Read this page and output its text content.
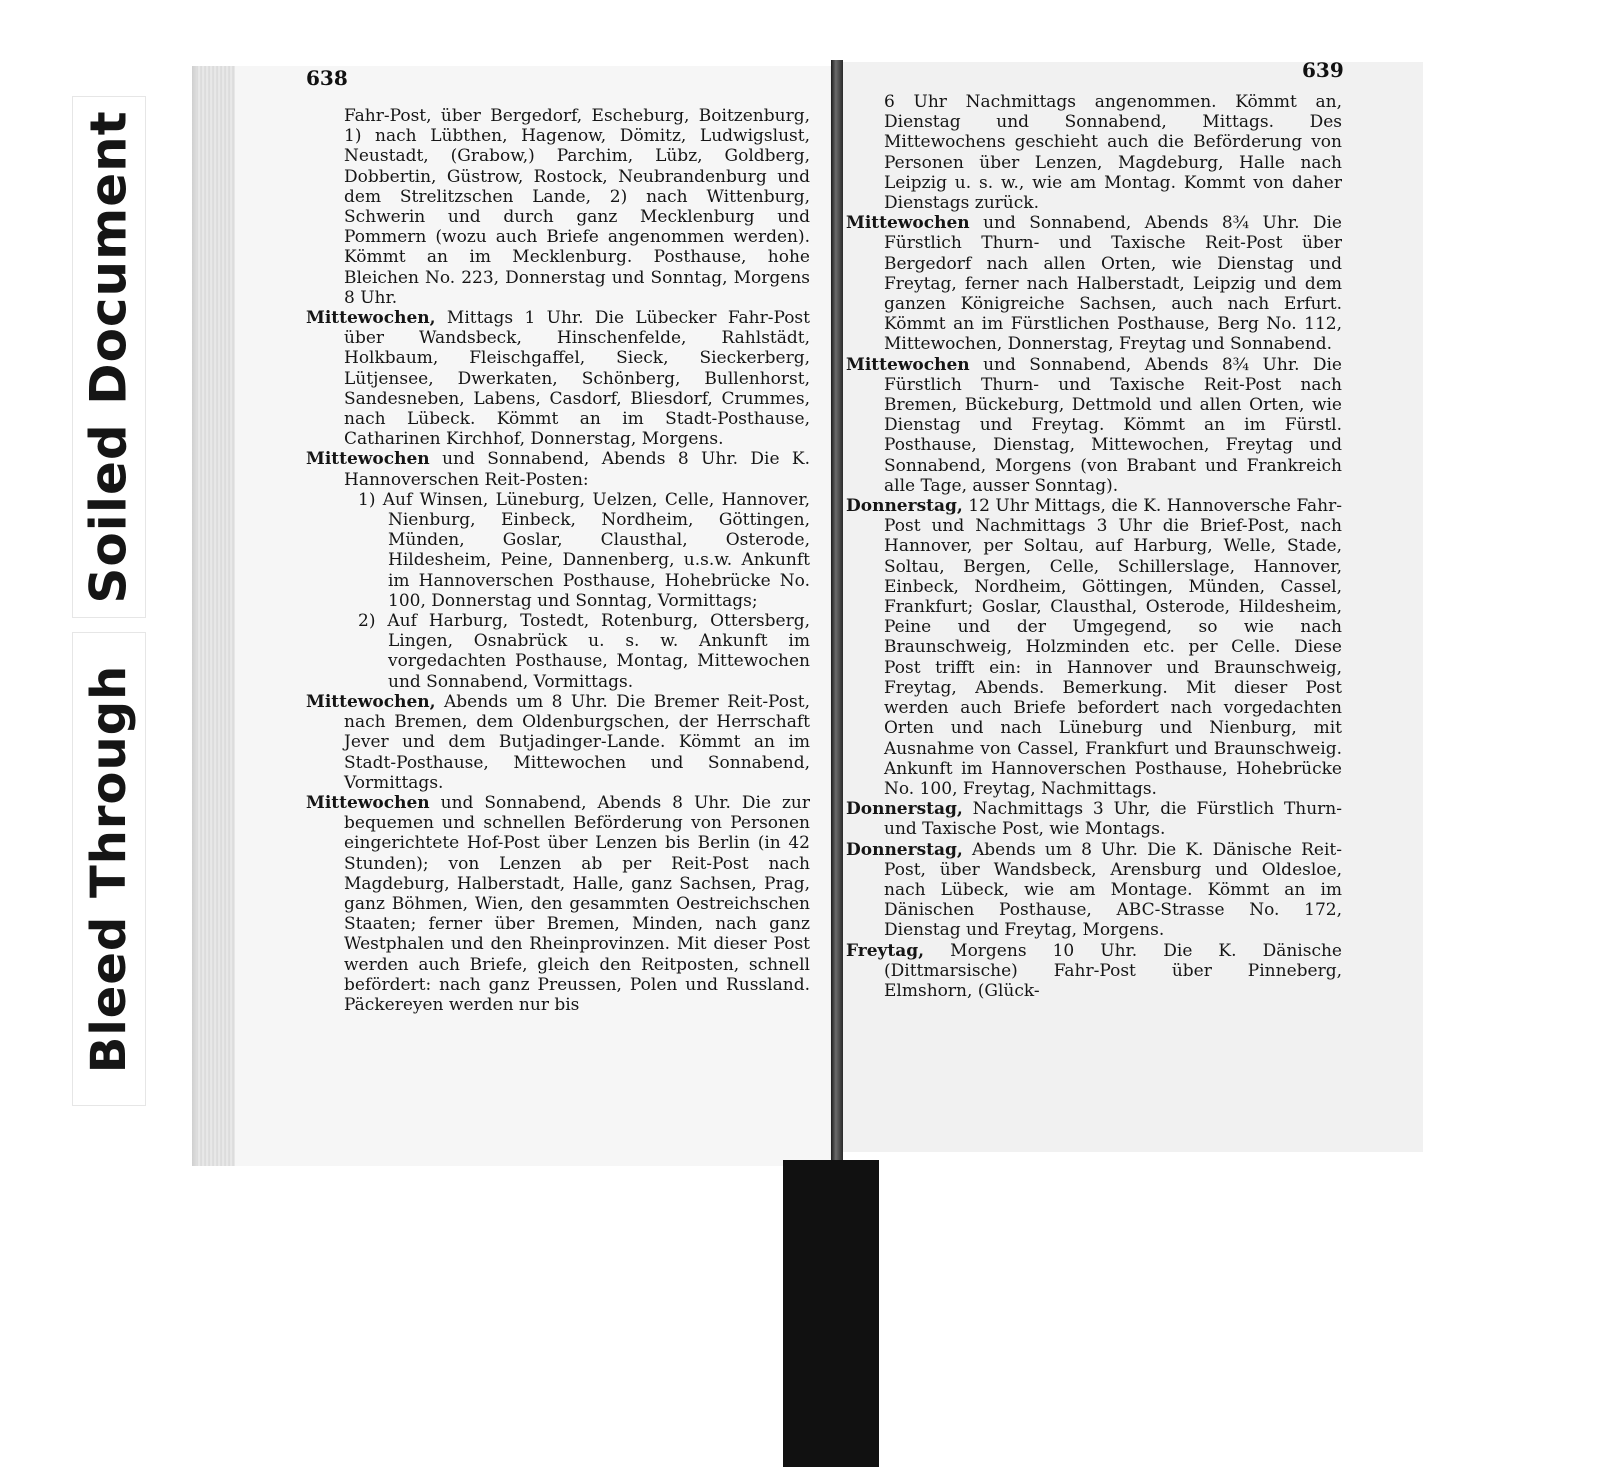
Soiled Document
Bleed Through
638	639

Fahr-Post, über Bergedorf, Escheburg, Boitzenburg, 1) nach Lübthen, Hagenow, Dömitz, Ludwigslust, Neustadt, (Grabow,) Parchim, Lübz, Goldberg, Dobbertin, Güstrow, Rostock, Neubrandenburg und dem Strelitzschen Lande, 2) nach Wittenburg, Schwerin und durch ganz Mecklenburg und Pommern (wozu auch Briefe angenommen werden). Kömmt an im Mecklenburg. Posthause, hohe Bleichen No. 223, Donnerstag und Sonntag, Morgens 8 Uhr.

Mittewochen, Mittags 1 Uhr. Die Lübecker Fahr-Post über Wandsbeck, Hinschenfelde, Rahlstädt, Holkbaum, Fleischgaffel, Sieck, Sieckerberg, Lütjensee, Dwerkaten, Schönberg, Bullenhorst, Sandesneben, Labens, Casdorf, Bliesdorf, Crummes, nach Lübeck. Kömmt an im Stadt-Posthause, Catharinen Kirchhof, Donnerstag, Morgens.

Mittewochen und Sonnabend, Abends 8 Uhr. Die K. Hannoverschen Reit-Posten:

1) Auf Winsen, Lüneburg, Uelzen, Celle, Hannover, Nienburg, Einbeck, Nordheim, Göttingen, Münden, Goslar, Clausthal, Osterode, Hildesheim, Peine, Dannenberg, u.s.w. Ankunft im Hannoverschen Posthause, Hohebrücke No. 100, Donnerstag und Sonntag, Vormittags;

2) Auf Harburg, Tostedt, Rotenburg, Ottersberg, Lingen, Osnabrück u. s. w. Ankunft im vorgedachten Posthause, Montag, Mittewochen und Sonnabend, Vormittags.

Mittewochen, Abends um 8 Uhr. Die Bremer Reit-Post, nach Bremen, dem Oldenburgschen, der Herrschaft Jever und dem Butjadinger-Lande. Kömmt an im Stadt-Posthause, Mittewochen und Sonnabend, Vormittags.

Mittewochen und Sonnabend, Abends 8 Uhr. Die zur bequemen und schnellen Beförderung von Personen eingerichtete Hof-Post über Lenzen bis Berlin (in 42 Stunden); von Lenzen ab per Reit-Post nach Magdeburg, Halberstadt, Halle, ganz Sachsen, Prag, ganz Böhmen, Wien, den gesammten Oestreichschen Staaten; ferner über Bremen, Minden, nach ganz Westphalen und den Rheinprovinzen. Mit dieser Post werden auch Briefe, gleich den Reitposten, schnell befördert: nach ganz Preussen, Polen und Russland. Päckereyen werden nur bis

6 Uhr Nachmittags angenommen. Kömmt an, Dienstag und Sonnabend, Mittags. Des Mittewochens geschieht auch die Beförderung von Personen über Lenzen, Magdeburg, Halle nach Leipzig u. s. w., wie am Montag. Kommt von daher Dienstags zurück.

Mittewochen und Sonnabend, Abends 8¾ Uhr. Die Fürstlich Thurn- und Taxische Reit-Post über Bergedorf nach allen Orten, wie Dienstag und Freytag, ferner nach Halberstadt, Leipzig und dem ganzen Königreiche Sachsen, auch nach Erfurt. Kömmt an im Fürstlichen Posthause, Berg No. 112, Mittewochen, Donnerstag, Freytag und Sonnabend.

Mittewochen und Sonnabend, Abends 8¾ Uhr. Die Fürstlich Thurn- und Taxische Reit-Post nach Bremen, Bückeburg, Dettmold und allen Orten, wie Dienstag und Freytag. Kömmt an im Fürstl. Posthause, Dienstag, Mittewochen, Freytag und Sonnabend, Morgens (von Brabant und Frankreich alle Tage, ausser Sonntag).

Donnerstag, 12 Uhr Mittags, die K. Hannoversche Fahr-Post und Nachmittags 3 Uhr die Brief-Post, nach Hannover, per Soltau, auf Harburg, Welle, Stade, Soltau, Bergen, Celle, Schillerslage, Hannover, Einbeck, Nordheim, Göttingen, Münden, Cassel, Frankfurt; Goslar, Clausthal, Osterode, Hildesheim, Peine und der Umgegend, so wie nach Braunschweig, Holzminden etc. per Celle. Diese Post trifft ein: in Hannover und Braunschweig, Freytag, Abends. Bemerkung. Mit dieser Post werden auch Briefe befordert nach vorgedachten Orten und nach Lüneburg und Nienburg, mit Ausnahme von Cassel, Frankfurt und Braunschweig. Ankunft im Hannoverschen Posthause, Hohebrücke No. 100, Freytag, Nachmittags.

Donnerstag, Nachmittags 3 Uhr, die Fürstlich Thurn- und Taxische Post, wie Montags.

Donnerstag, Abends um 8 Uhr. Die K. Dänische Reit-Post, über Wandsbeck, Arensburg und Oldesloe, nach Lübeck, wie am Montage. Kömmt an im Dänischen Posthause, ABC-Strasse No. 172, Dienstag und Freytag, Morgens.

Freytag, Morgens 10 Uhr. Die K. Dänische (Dittmarsische) Fahr-Post über Pinneberg, Elmshorn, (Glück-
